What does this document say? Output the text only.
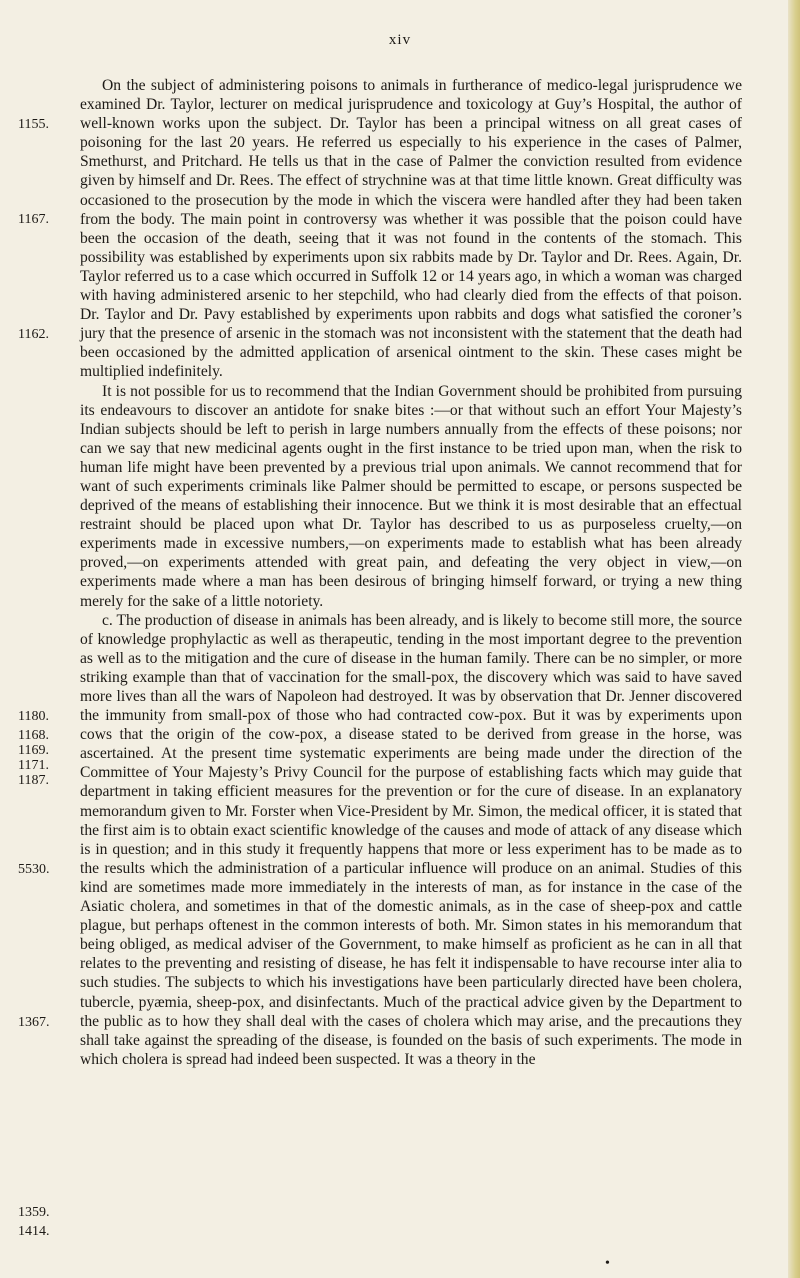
xiv
1155.
1167.
1162.
1180.
1168.
1169.
1171.
1187.
5530.
1367.
1359.
1414.

On the subject of administering poisons to animals in furtherance of medico-legal jurisprudence we examined Dr. Taylor, lecturer on medical jurisprudence and toxicology at Guy’s Hospital, the author of well-known works upon the subject. Dr. Taylor has been a principal witness on all great cases of poisoning for the last 20 years. He referred us especially to his experience in the cases of Palmer, Smethurst, and Pritchard. He tells us that in the case of Palmer the conviction resulted from evidence given by himself and Dr. Rees. The effect of strychnine was at that time little known. Great difficulty was occasioned to the prosecution by the mode in which the viscera were handled after they had been taken from the body. The main point in controversy was whether it was possible that the poison could have been the occasion of the death, seeing that it was not found in the contents of the stomach. This possibility was established by experiments upon six rabbits made by Dr. Taylor and Dr. Rees. Again, Dr. Taylor referred us to a case which occurred in Suffolk 12 or 14 years ago, in which a woman was charged with having administered arsenic to her stepchild, who had clearly died from the effects of that poison. Dr. Taylor and Dr. Pavy established by experiments upon rabbits and dogs what satisfied the coroner’s jury that the presence of arsenic in the stomach was not inconsistent with the statement that the death had been occasioned by the admitted application of arsenical ointment to the skin. These cases might be multiplied indefinitely.

It is not possible for us to recommend that the Indian Government should be prohibited from pursuing its endeavours to discover an antidote for snake bites :—or that without such an effort Your Majesty’s Indian subjects should be left to perish in large numbers annually from the effects of these poisons; nor can we say that new medicinal agents ought in the first instance to be tried upon man, when the risk to human life might have been prevented by a previous trial upon animals. We cannot recommend that for want of such experiments criminals like Palmer should be permitted to escape, or persons suspected be deprived of the means of establishing their innocence. But we think it is most desirable that an effectual restraint should be placed upon what Dr. Taylor has described to us as purposeless cruelty,—on experiments made in excessive numbers,—on experiments made to establish what has been already proved,—on experiments attended with great pain, and defeating the very object in view,—on experiments made where a man has been desirous of bringing himself forward, or trying a new thing merely for the sake of a little notoriety.

c. The production of disease in animals has been already, and is likely to become still more, the source of knowledge prophylactic as well as therapeutic, tending in the most important degree to the prevention as well as to the mitigation and the cure of disease in the human family. There can be no simpler, or more striking example than that of vaccination for the small-pox, the discovery which was said to have saved more lives than all the wars of Napoleon had destroyed. It was by observation that Dr. Jenner discovered the immunity from small-pox of those who had contracted cow-pox. But it was by experiments upon cows that the origin of the cow-pox, a disease stated to be derived from grease in the horse, was ascertained. At the present time systematic experiments are being made under the direction of the Committee of Your Majesty’s Privy Council for the purpose of establishing facts which may guide that department in taking efficient measures for the prevention or for the cure of disease. In an explanatory memorandum given to Mr. Forster when Vice-President by Mr. Simon, the medical officer, it is stated that the first aim is to obtain exact scientific knowledge of the causes and mode of attack of any disease which is in question; and in this study it frequently happens that more or less experiment has to be made as to the results which the administration of a particular influence will produce on an animal. Studies of this kind are sometimes made more immediately in the interests of man, as for instance in the case of the Asiatic cholera, and sometimes in that of the domestic animals, as in the case of sheep-pox and cattle plague, but perhaps oftenest in the common interests of both. Mr. Simon states in his memorandum that being obliged, as medical adviser of the Government, to make himself as proficient as he can in all that relates to the preventing and resisting of disease, he has felt it indispensable to have recourse inter alia to such studies. The subjects to which his investigations have been particularly directed have been cholera, tubercle, pyæmia, sheep-pox, and disinfectants. Much of the practical advice given by the Department to the public as to how they shall deal with the cases of cholera which may arise, and the precautions they shall take against the spreading of the disease, is founded on the basis of such experiments. The mode in which cholera is spread had indeed been suspected. It was a theory in the

•
